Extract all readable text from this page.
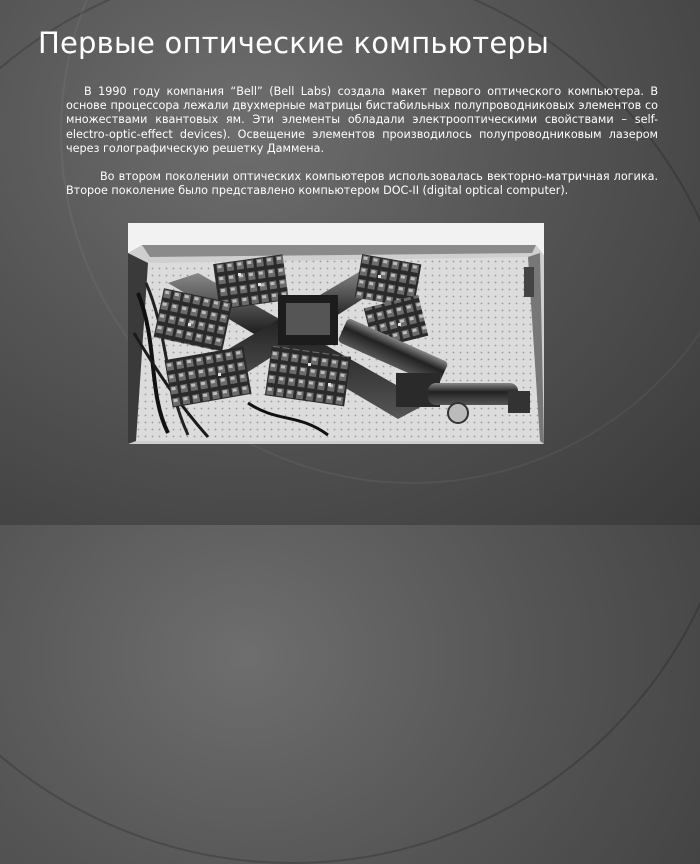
Первые оптические компьютеры

В 1990 году компания “Bell” (Bell Labs) создала макет первого оптического компьютера. В основе процессора лежали двухмерные матрицы бистабильных полупроводниковых элементов со множествами квантовых ям. Эти элементы обладали электрооптическими свойствами – self-electro-optic-effect devices). Освещение элементов производилось полупроводниковым лазером через голографическую решетку Даммена.

Во втором поколении оптических компьютеров использовалась векторно-матричная логика. Второе поколение было представлено компьютером DOC-II (digital optical computer).
